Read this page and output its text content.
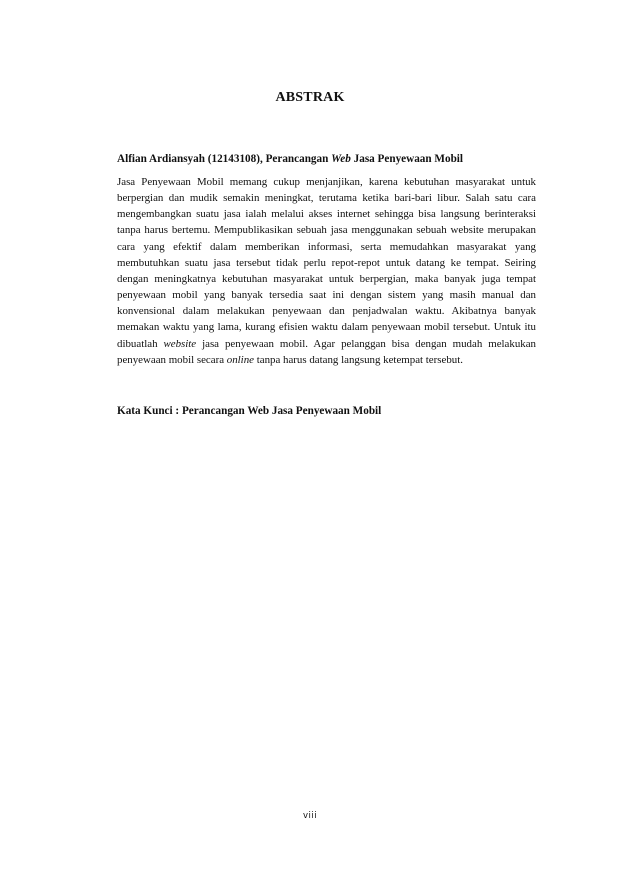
ABSTRAK
Alfian Ardiansyah (12143108), Perancangan Web Jasa Penyewaan Mobil

Jasa Penyewaan Mobil memang cukup menjanjikan, karena kebutuhan masyarakat untuk berpergian dan mudik semakin meningkat, terutama ketika bari-bari libur. Salah satu cara mengembangkan suatu jasa ialah melalui akses internet sehingga bisa langsung berinteraksi tanpa harus bertemu. Mempublikasikan sebuah jasa menggunakan sebuah website merupakan cara yang efektif dalam memberikan informasi, serta memudahkan masyarakat yang membutuhkan suatu jasa tersebut tidak perlu repot-repot untuk datang ke tempat. Seiring dengan meningkatnya kebutuhan masyarakat untuk berpergian, maka banyak juga tempat penyewaan mobil yang banyak tersedia saat ini dengan sistem yang masih manual dan konvensional dalam melakukan penyewaan dan penjadwalan waktu. Akibatnya banyak memakan waktu yang lama, kurang efisien waktu dalam penyewaan mobil tersebut. Untuk itu dibuatlah website jasa penyewaan mobil. Agar pelanggan bisa dengan mudah melakukan penyewaan mobil secara online tanpa harus datang langsung ketempat tersebut.

Kata Kunci : Perancangan Web Jasa Penyewaan Mobil
viii
